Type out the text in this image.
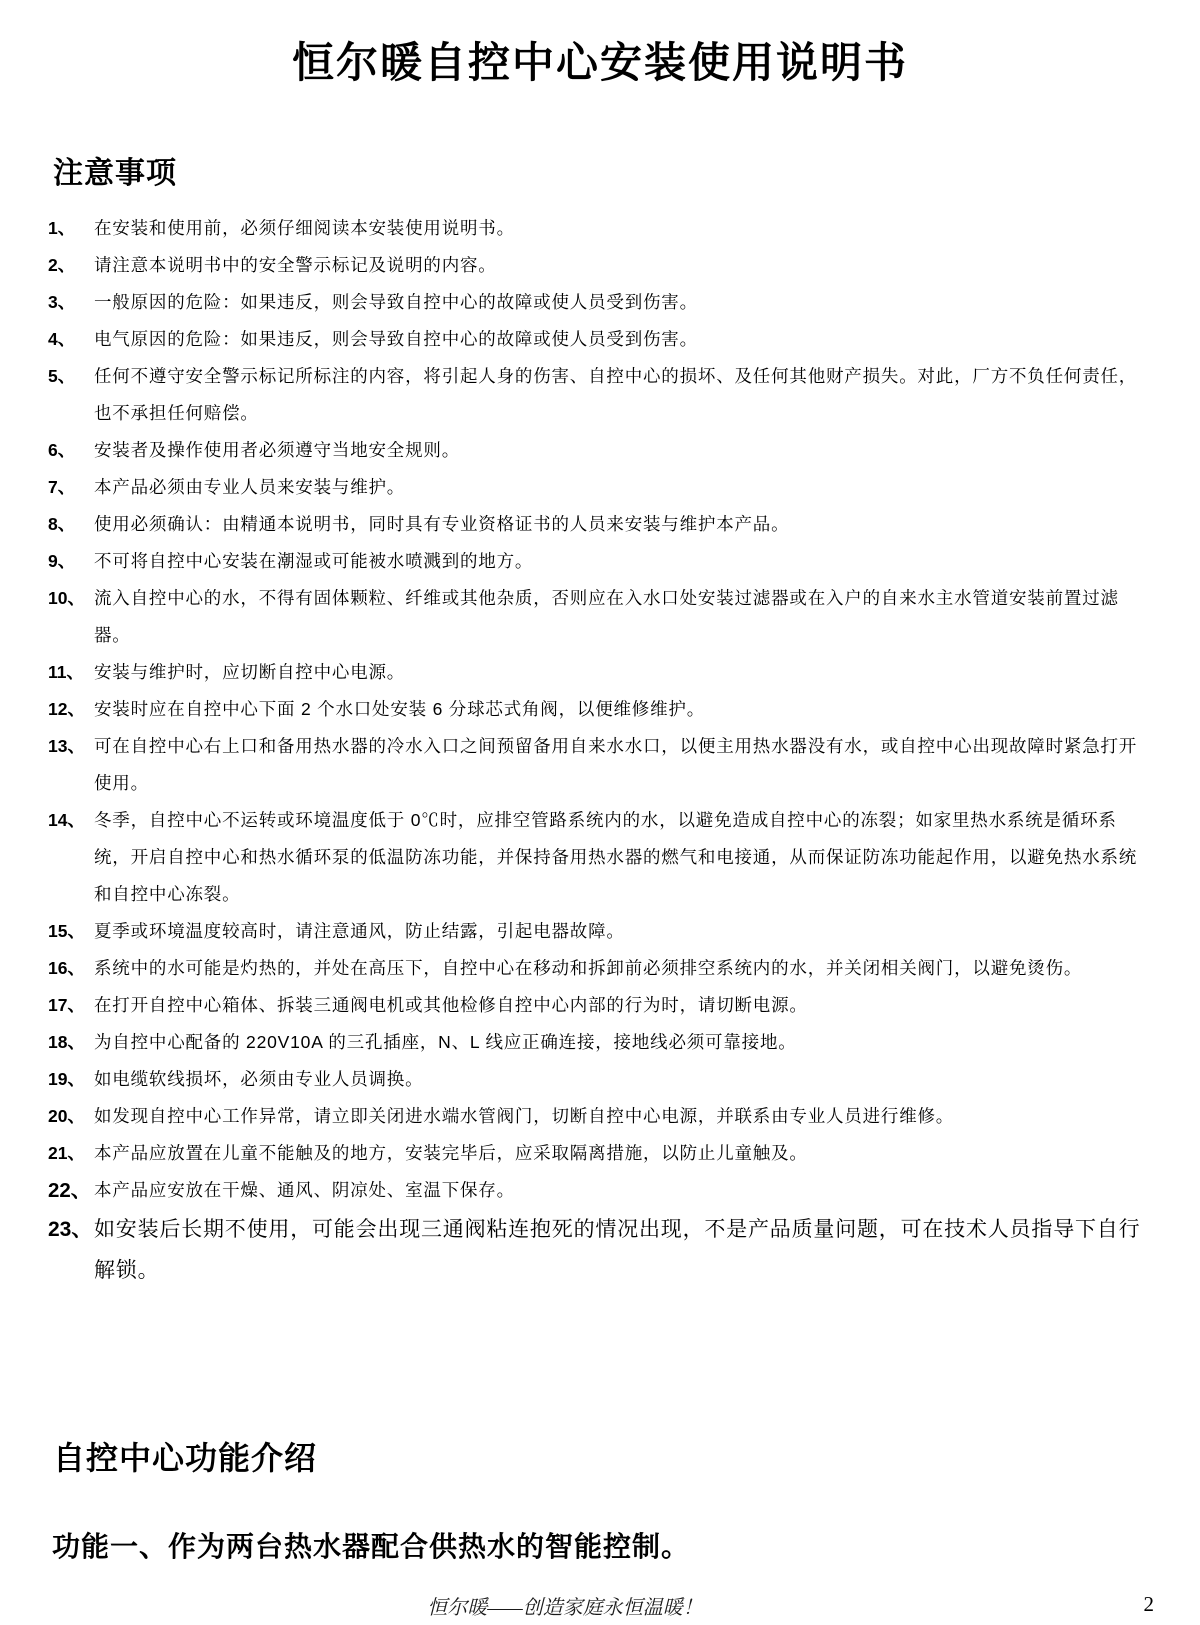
恒尔暖自控中心安装使用说明书
注意事项
1、	在安装和使用前，必须仔细阅读本安装使用说明书。
2、	请注意本说明书中的安全警示标记及说明的内容。
3、	一般原因的危险：如果违反，则会导致自控中心的故障或使人员受到伤害。
4、	电气原因的危险：如果违反，则会导致自控中心的故障或使人员受到伤害。
5、	任何不遵守安全警示标记所标注的内容，将引起人身的伤害、自控中心的损坏、及任何其他财产损失。对此，厂方不负任何责任，也不承担任何赔偿。
6、	安装者及操作使用者必须遵守当地安全规则。
7、	本产品必须由专业人员来安装与维护。
8、	使用必须确认：由精通本说明书，同时具有专业资格证书的人员来安装与维护本产品。
9、	不可将自控中心安装在潮湿或可能被水喷溅到的地方。
10、 流入自控中心的水，不得有固体颗粒、纤维或其他杂质，否则应在入水口处安装过滤器或在入户的自来水主水管道安装前置过滤器。
11、 安装与维护时，应切断自控中心电源。
12、 安装时应在自控中心下面 2 个水口处安装 6 分球芯式角阀，以便维修维护。
13、 可在自控中心右上口和备用热水器的冷水入口之间预留备用自来水水口，以便主用热水器没有水，或自控中心出现故障时紧急打开使用。
14、 冬季，自控中心不运转或环境温度低于 0℃时，应排空管路系统内的水，以避免造成自控中心的冻裂；如家里热水系统是循环系统，开启自控中心和热水循环泵的低温防冻功能，并保持备用热水器的燃气和电接通，从而保证防冻功能起作用，以避免热水系统和自控中心冻裂。
15、 夏季或环境温度较高时，请注意通风，防止结露，引起电器故障。
16、 系统中的水可能是灼热的，并处在高压下，自控中心在移动和拆卸前必须排空系统内的水，并关闭相关阀门，以避免烫伤。
17、 在打开自控中心箱体、拆装三通阀电机或其他检修自控中心内部的行为时，请切断电源。
18、 为自控中心配备的 220V10A 的三孔插座，N、L 线应正确连接，接地线必须可靠接地。
19、 如电缆软线损坏，必须由专业人员调换。
20、 如发现自控中心工作异常，请立即关闭进水端水管阀门，切断自控中心电源，并联系由专业人员进行维修。
21、 本产品应放置在儿童不能触及的地方，安装完毕后，应采取隔离措施，以防止儿童触及。
22、 本产品应安放在干燥、通风、阴凉处、室温下保存。
23、 如安装后长期不使用，可能会出现三通阀粘连抱死的情况出现，不是产品质量问题，可在技术人员指导下自行解锁。
自控中心功能介绍
功能一、作为两台热水器配合供热水的智能控制。
恒尔暖——创造家庭永恒温暖！	2
